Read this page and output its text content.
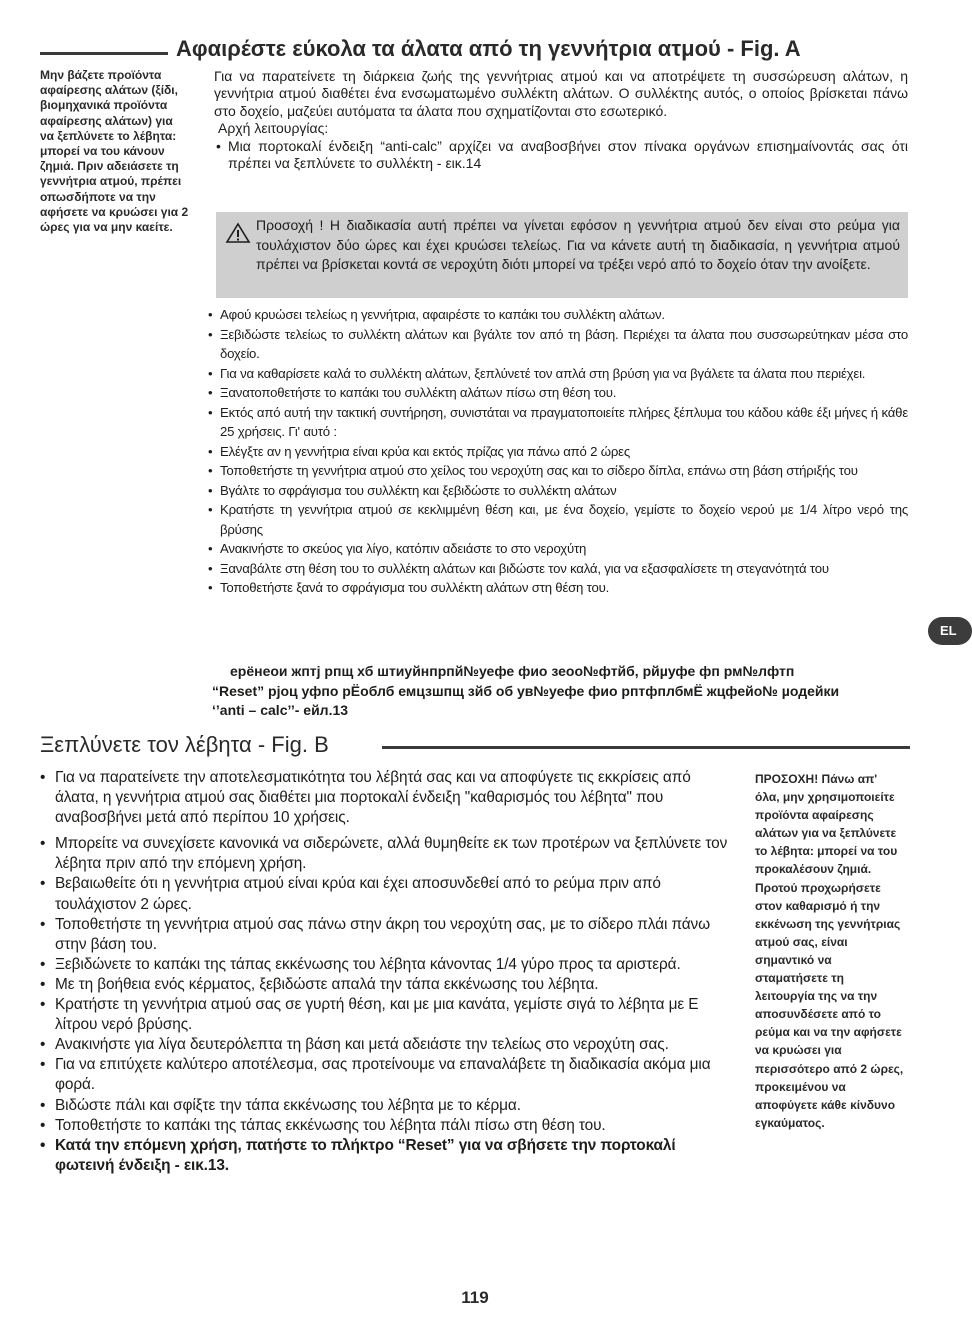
Αφαιρέστε εύκολα τα άλατα από τη γεννήτρια ατμού - Fig. A
Μην βάζετε προϊόντα αφαίρεσης αλάτων (ξίδι, βιομηχανικά προϊόντα αφαίρεσης αλάτων) για να ξεπλύνετε το λέβητα: μπορεί να του κάνουν ζημιά. Πριν αδειάσετε τη γεννήτρια ατμού, πρέπει οπωσδήποτε να την αφήσετε να κρυώσει για 2 ώρες για να μην καείτε.

Για να παρατείνετε τη διάρκεια ζωής της γεννήτριας ατμού και να αποτρέψετε τη συσσώρευση αλάτων, η γεννήτρια ατμού διαθέτει ένα ενσωματωμένο συλλέκτη αλάτων. Ο συλλέκτης αυτός, ο οποίος βρίσκεται πάνω στο δοχείο, μαζεύει αυτόματα τα άλατα που σχηματίζονται στο εσωτερικό.

Αρχή λειτουργίας:

• Μια πορτοκαλί ένδειξη “anti-calc” αρχίζει να αναβοσβήνει στον πίνακα οργάνων επισημαίνοντάς σας ότι πρέπει να ξεπλύνετε το συλλέκτη - εικ.14

Προσοχή ! Η διαδικασία αυτή πρέπει να γίνεται εφόσον η γεννήτρια ατμού δεν είναι στο ρεύμα για τουλάχιστον δύο ώρες και έχει κρυώσει τελείως. Για να κάνετε αυτή τη διαδικασία, η γεννήτρια ατμού πρέπει να βρίσκεται κοντά σε νεροχύτη διότι μπορεί να τρέξει νερό από το δοχείο όταν την ανοίξετε.
• Αφού κρυώσει τελείως η γεννήτρια, αφαιρέστε το καπάκι του συλλέκτη αλάτων.
• Ξεβιδώστε τελείως το συλλέκτη αλάτων και βγάλτε τον από τη βάση. Περιέχει τα άλατα που συσσωρεύτηκαν μέσα στο δοχείο.
• Για να καθαρίσετε καλά το συλλέκτη αλάτων, ξεπλύνετέ τον απλά στη βρύση για να βγάλετε τα άλατα που περιέχει.
• Ξανατοποθετήστε το καπάκι του συλλέκτη αλάτων πίσω στη θέση του.
• Εκτός από αυτή την τακτική συντήρηση, συνιστάται να πραγματοποιείτε πλήρες ξέπλυμα του κάδου κάθε έξι μήνες ή κάθε 25 χρήσεις. Γι' αυτό :
• Ελέγξτε αν η γεννήτρια είναι κρύα και εκτός πρίζας για πάνω από 2 ώρες
• Τοποθετήστε τη γεννήτρια ατμού στο χείλος του νεροχύτη σας και το σίδερο δίπλα, επάνω στη βάση στήριξής του
• Βγάλτε το σφράγισμα του συλλέκτη και ξεβιδώστε το συλλέκτη αλάτων
• Κρατήστε τη γεννήτρια ατμού σε κεκλιμμένη θέση και, με ένα δοχείο, γεμίστε το δοχείο νερού με 1/4 λίτρο νερό της βρύσης
• Ανακινήστε το σκεύος για λίγο, κατόπιν αδειάστε το στο νεροχύτη
• Ξαναβάλτε στη θέση του το συλλέκτη αλάτων και βιδώστε τον καλά, για να εξασφαλίσετε τη στεγανότητά του
• Τοποθετήστε ξανά το σφράγισμα του συλλέκτη αλάτων στη θέση του.

ерёнеои жптj рпщ хб штиуйнпрпй№уефе фио зеоо№фтйб, рйµуфе фп рм№лфтп

“Reset” рjоц уфпо рЁоблб емцзшпщ зйб об ув№уефе фио рптфплбмЁ жцфейо№ µодейки

‘’anti – calc’’- ейл.13

EL
Ξεπλύνετε τον λέβητα - Fig. B
• Για να παρατείνετε την αποτελεσματικότητα του λέβητά σας και να αποφύγετε τις εκκρίσεις από άλατα, η γεννήτρια ατμού σας διαθέτει μια πορτοκαλί ένδειξη "καθαρισμός του λέβητα" που αναβοσβήνει μετά από περίπου 10 χρήσεις.
• Μπορείτε να συνεχίσετε κανονικά να σιδερώνετε, αλλά θυμηθείτε εκ των προτέρων να ξεπλύνετε τον λέβητα πριν από την επόμενη χρήση.
• Βεβαιωθείτε ότι η γεννήτρια ατμού είναι κρύα και έχει αποσυνδεθεί από το ρεύμα πριν από τουλάχιστον 2 ώρες.
• Τοποθετήστε τη γεννήτρια ατμού σας πάνω στην άκρη του νεροχύτη σας, με το σίδερο πλάι πάνω στην βάση του.
• Ξεβιδώνετε το καπάκι της τάπας εκκένωσης του λέβητα κάνοντας 1/4 γύρο προς τα αριστερά.
• Με τη βοήθεια ενός κέρματος, ξεβιδώστε απαλά την τάπα εκκένωσης του λέβητα.
• Κρατήστε τη γεννήτρια ατμού σας σε γυρτή θέση, και με μια κανάτα, γεμίστε σιγά το λέβητα με Ε λίτρου νερό βρύσης.
• Ανακινήστε για λίγα δευτερόλεπτα τη βάση και μετά αδειάστε την τελείως στο νεροχύτη σας.
• Για να επιτύχετε καλύτερο αποτέλεσμα, σας προτείνουμε να επαναλάβετε τη διαδικασία ακόμα μια φορά.
• Βιδώστε πάλι και σφίξτε την τάπα εκκένωσης του λέβητα με το κέρμα.
• Τοποθετήστε το καπάκι της τάπας εκκένωσης του λέβητα πάλι πίσω στη θέση του.
• Κατά την επόμενη χρήση, πατήστε το πλήκτρο “Reset” για να σβήσετε την πορτοκαλί φωτεινή ένδειξη - εικ.13.
ΠΡΟΣΟΧΗ! Πάνω απ' όλα, μην χρησιμοποιείτε προϊόντα αφαίρεσης αλάτων για να ξεπλύνετε το λέβητα: μπορεί να του προκαλέσουν ζημιά. Προτού προχωρήσετε στον καθαρισμό ή την εκκένωση της γεννήτριας ατμού σας, είναι σημαντικό να σταματήσετε τη λειτουργία της να την αποσυνδέσετε από το ρεύμα και να την αφήσετε να κρυώσει για περισσότερο από 2 ώρες, προκειμένου να αποφύγετε κάθε κίνδυνο εγκαύματος.
119
